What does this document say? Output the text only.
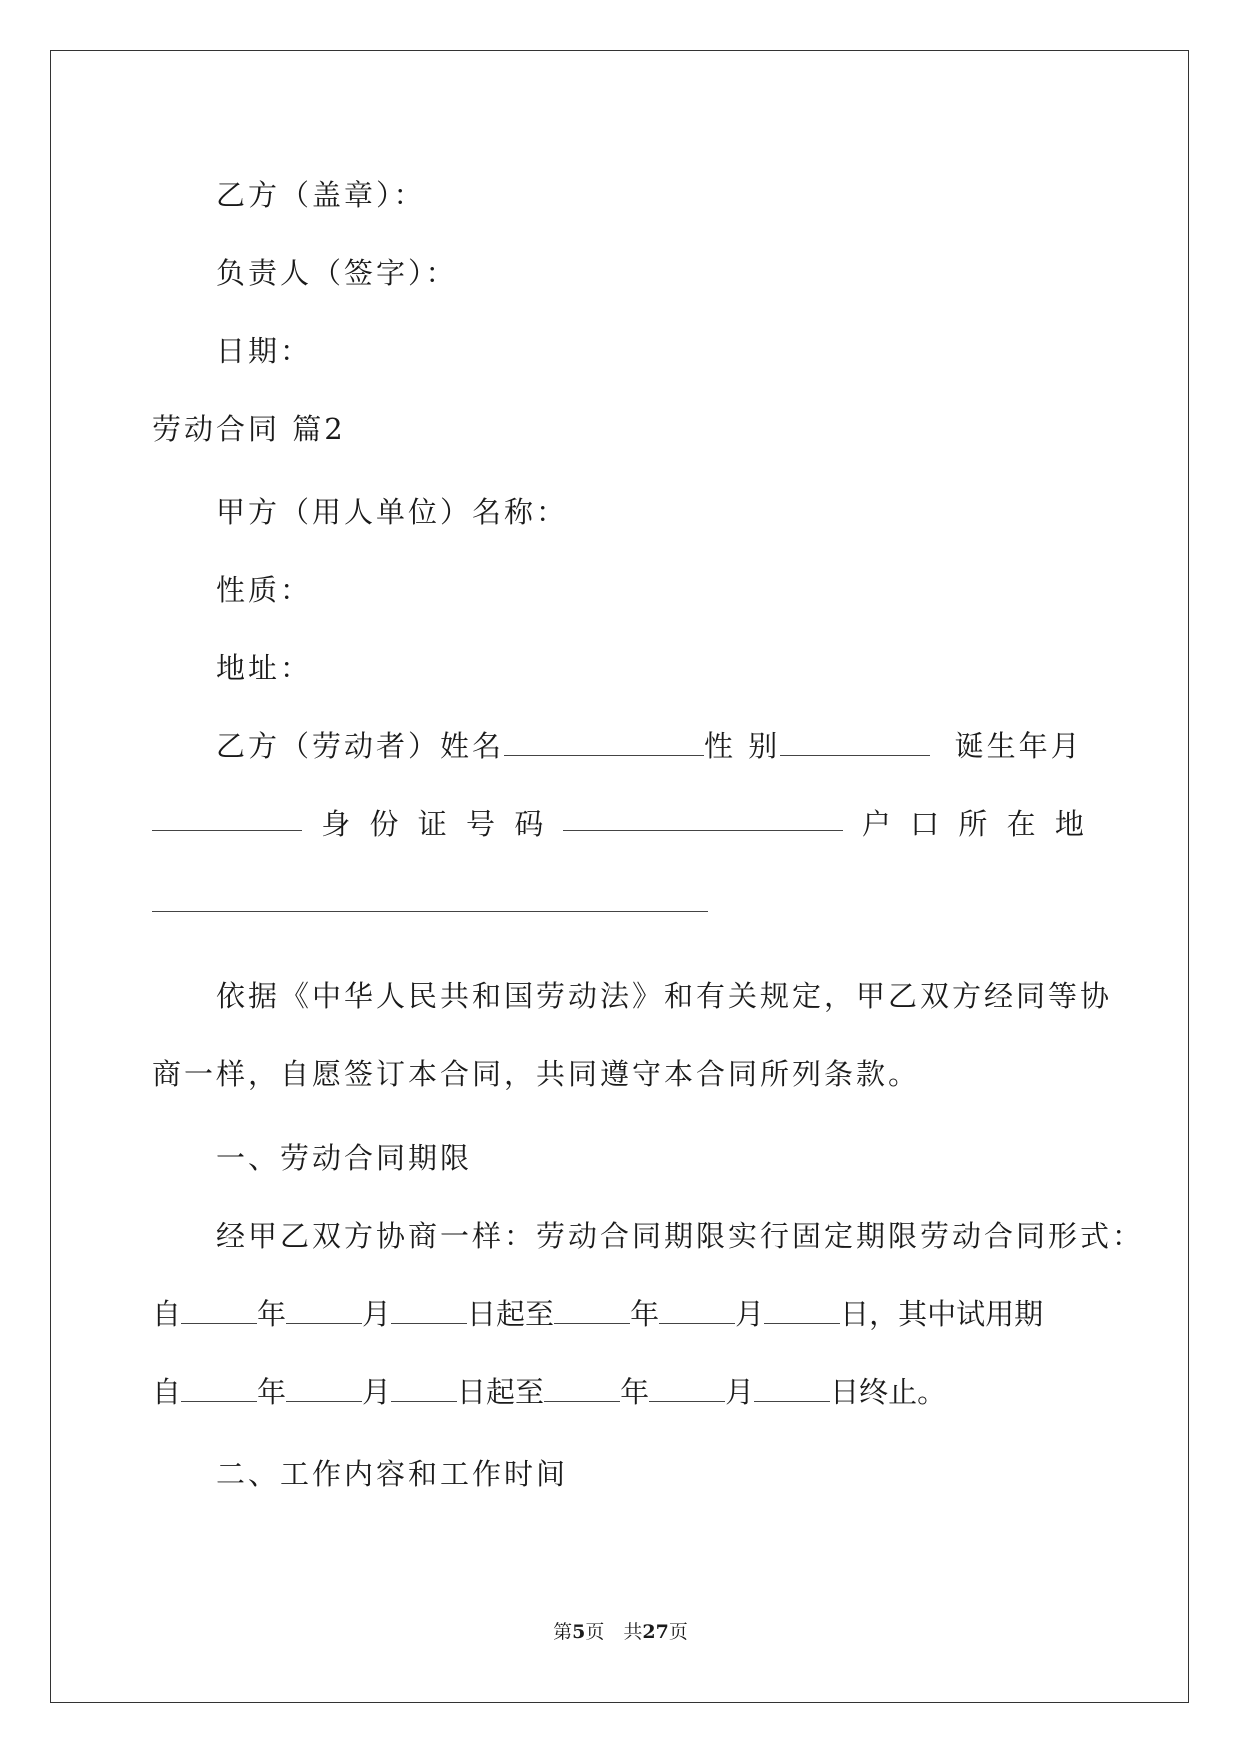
乙方（盖章）：
负责人（签字）：
日期：
劳动合同 篇2
甲方（用人单位）名称：
性质：
地址：
乙方（劳动者）姓名	性 别	诞生年月
身 份 证 号 码	户 口 所 在 地
依据《中华人民共和国劳动法》和有关规定，甲乙双方经同等协
商一样，自愿签订本合同，共同遵守本合同所列条款。
一、劳动合同期限
经甲乙双方协商一样：劳动合同期限实行固定期限劳动合同形式：
自	年	月	日起至	年	月	日，其中试用期
自	年	月 日起至	年	月	日终止。
二、工作内容和工作时间
第5页　共27页
